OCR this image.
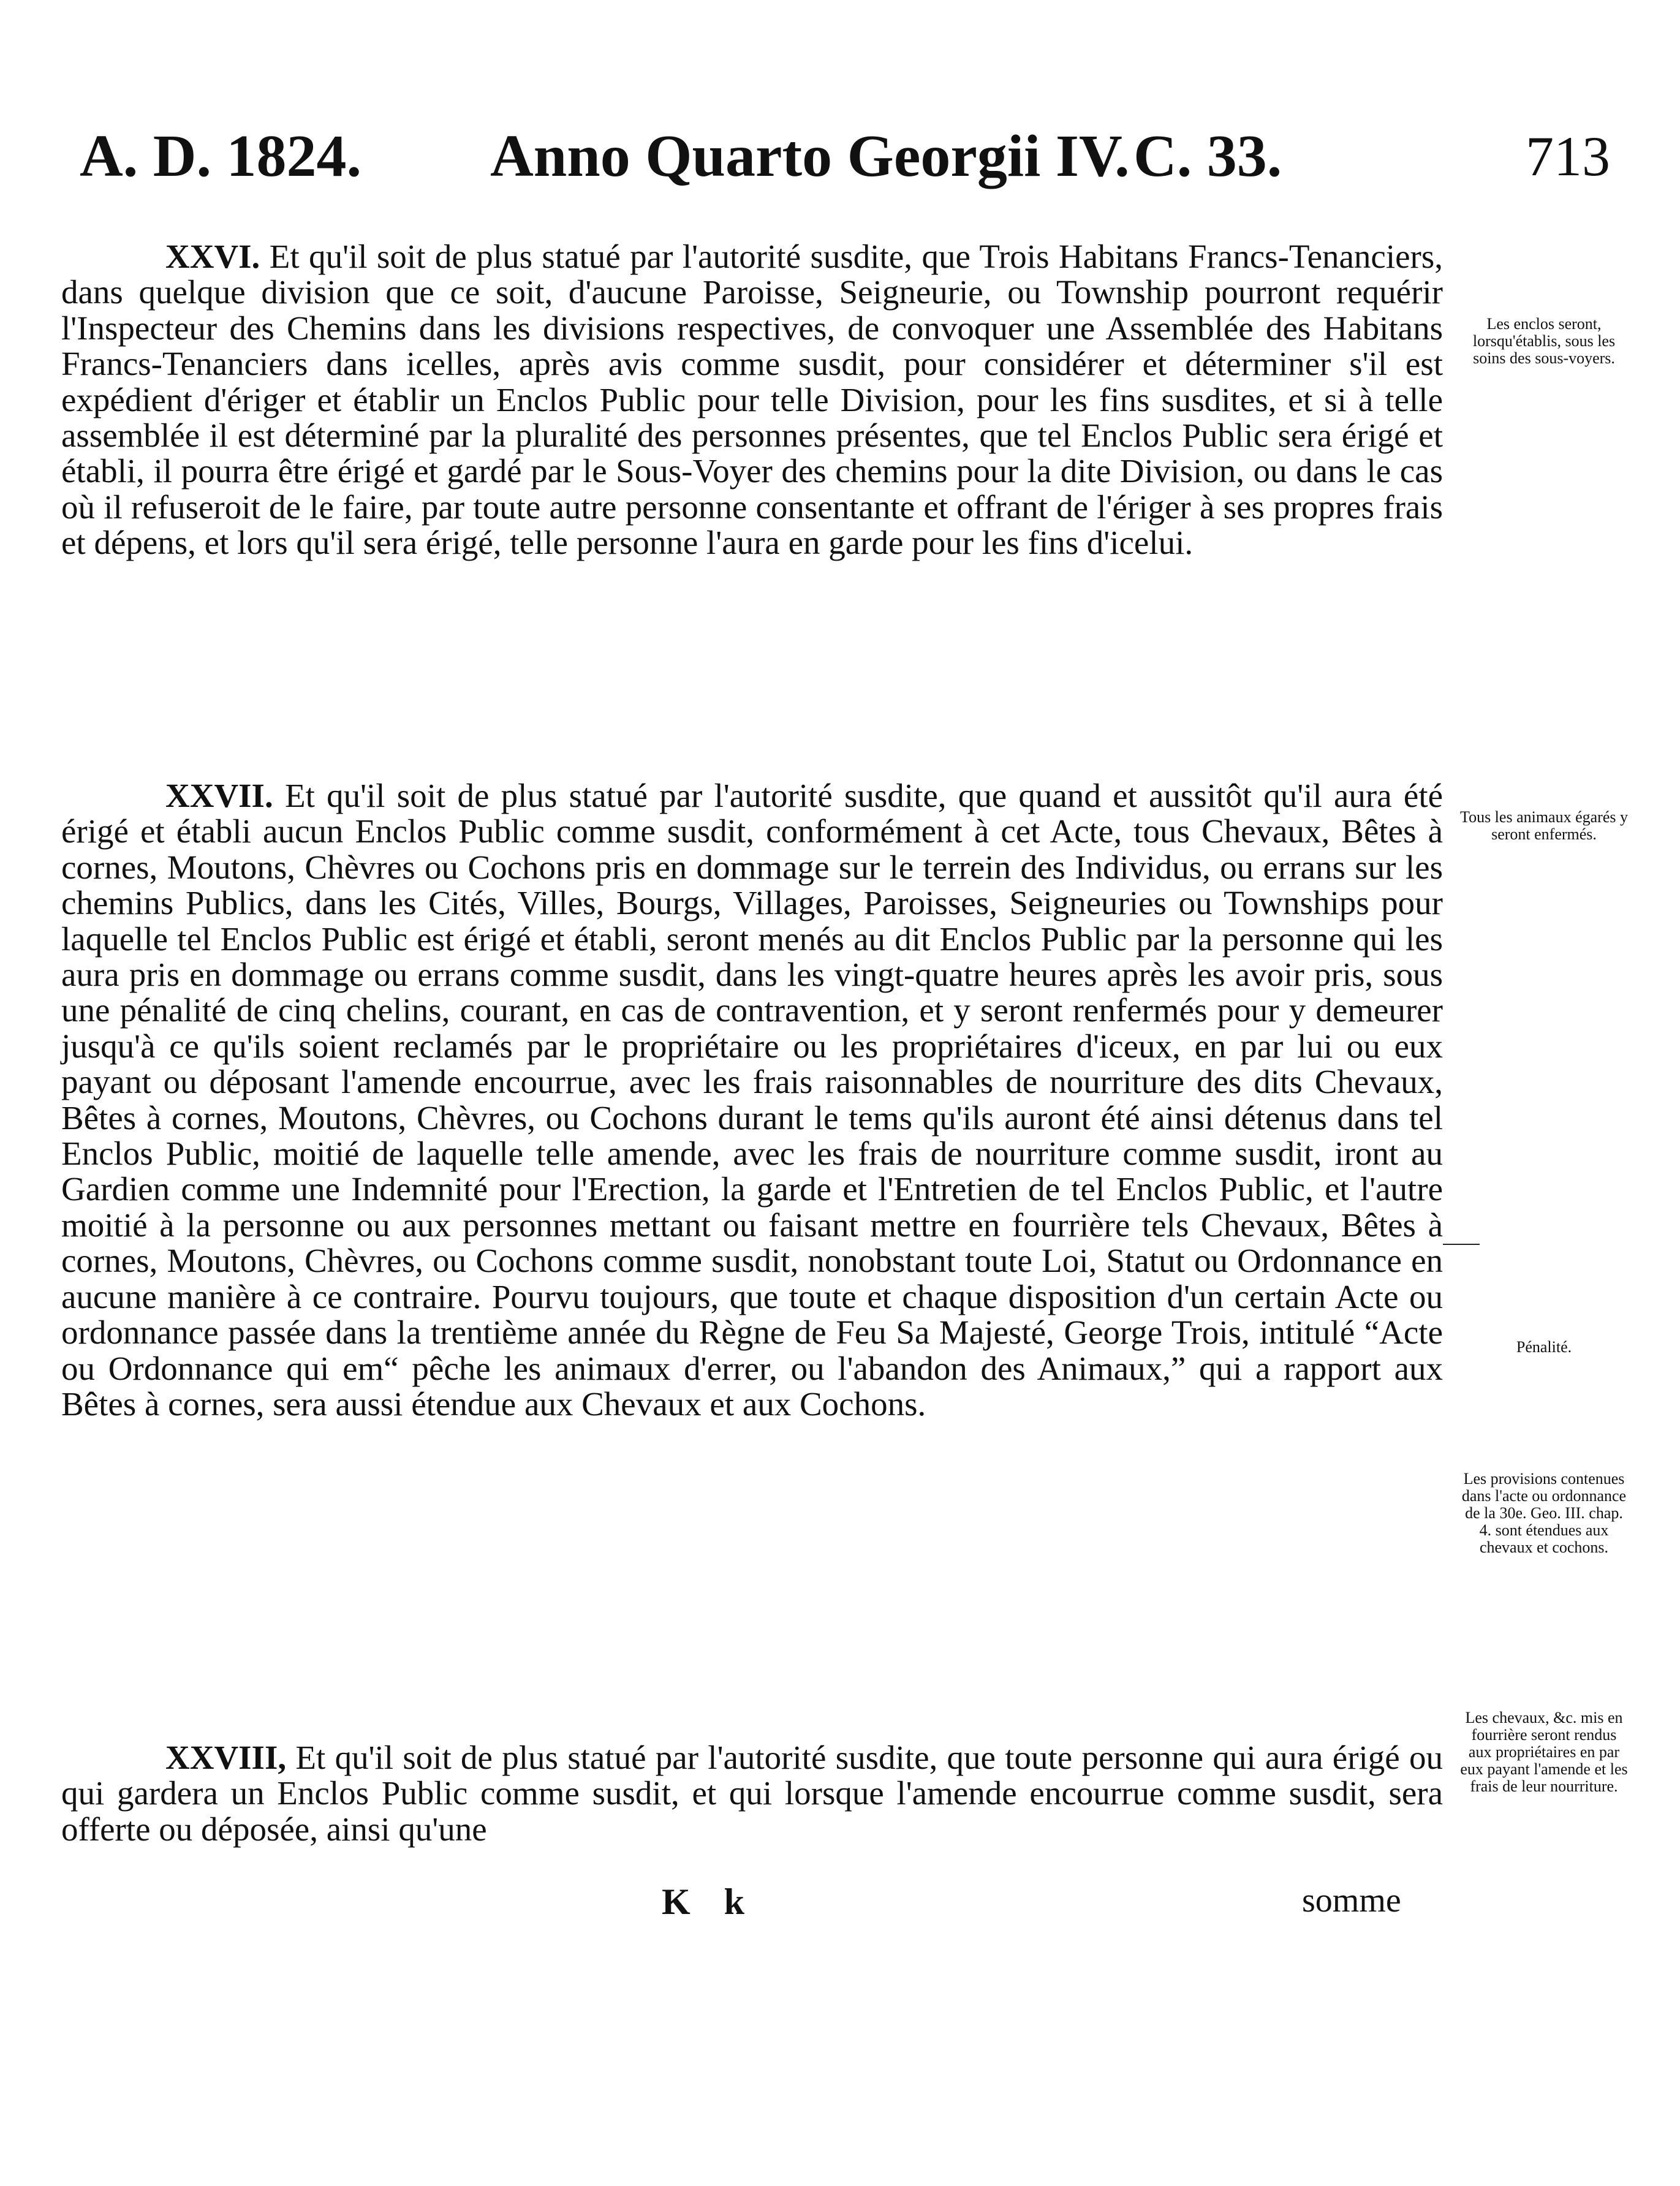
A. D. 1824. Anno Quarto Georgii IV. C. 33.	713

XXVI. Et qu'il soit de plus statué par l'autorité susdite, que Trois Habitans Francs-Tenanciers, dans quelque division que ce soit, d'aucune Paroisse, Seigneurie, ou Township pourront requérir l'Inspecteur des Chemins dans les divisions respectives, de convoquer une Assemblée des Habitans Francs-Tenanciers dans icelles, après avis comme susdit, pour considérer et déterminer s'il est expédient d'ériger et établir un Enclos Public pour telle Division, pour les fins susdites, et si à telle assemblée il est déterminé par la pluralité des personnes présentes, que tel Enclos Public sera érigé et établi, il pourra être érigé et gardé par le Sous-Voyer des chemins pour la dite Division, ou dans le cas où il refuseroit de le faire, par toute autre personne consentante et offrant de l'ériger à ses propres frais et dépens, et lors qu'il sera érigé, telle personne l'aura en garde pour les fins d'icelui.

XXVII. Et qu'il soit de plus statué par l'autorité susdite, que quand et aussitôt qu'il aura été érigé et établi aucun Enclos Public comme susdit, conformément à cet Acte, tous Chevaux, Bêtes à cornes, Moutons, Chèvres ou Cochons pris en dommage sur le terrein des Individus, ou errans sur les chemins Publics, dans les Cités, Villes, Bourgs, Villages, Paroisses, Seigneuries ou Townships pour laquelle tel Enclos Public est érigé et établi, seront menés au dit Enclos Public par la personne qui les aura pris en dommage ou errans comme susdit, dans les vingt-quatre heures après les avoir pris, sous une pénalité de cinq chelins, courant, en cas de contravention, et y seront renfermés pour y demeurer jusqu'à ce qu'ils soient reclamés par le propriétaire ou les propriétaires d'iceux, en par lui ou eux payant ou déposant l'amende encourrue, avec les frais raisonnables de nourriture des dits Chevaux, Bêtes à cornes, Moutons, Chèvres, ou Cochons durant le tems qu'ils auront été ainsi détenus dans tel Enclos Public, moitié de laquelle telle amende, avec les frais de nourriture comme susdit, iront au Gardien comme une Indemnité pour l'Erection, la garde et l'Entretien de tel Enclos Public, et l'autre moitié à la personne ou aux personnes mettant ou faisant mettre en fourrière tels Chevaux, Bêtes à cornes, Moutons, Chèvres, ou Cochons comme susdit, nonobstant toute Loi, Statut ou Ordonnance en aucune manière à ce contraire. Pourvu toujours, que toute et chaque disposition d'un certain Acte ou ordonnance passée dans la trentième année du Règne de Feu Sa Majesté, George Trois, intitulé “Acte ou Ordonnance qui em“ pêche les animaux d'errer, ou l'abandon des Animaux,” qui a rapport aux Bêtes à cornes, sera aussi étendue aux Chevaux et aux Cochons.

XXVIII, Et qu'il soit de plus statué par l'autorité susdite, que toute personne qui aura érigé ou qui gardera un Enclos Public comme susdit, et qui lorsque l'amende encourrue comme susdit, sera offerte ou déposée, ainsi qu'une

Les enclos seront, lorsqu'établis, sous les soins des sous-voyers.
Tous les animaux égarés y seront enfermés.
Pénalité.
Les provisions contenues dans l'acte ou ordonnance de la 30e. Geo. III. chap. 4. sont étendues aux chevaux et cochons.
Les chevaux, &c. mis en fourrière seront rendus aux propriétaires en par eux payant l'amende et les frais de leur nourriture.
K k	somme
